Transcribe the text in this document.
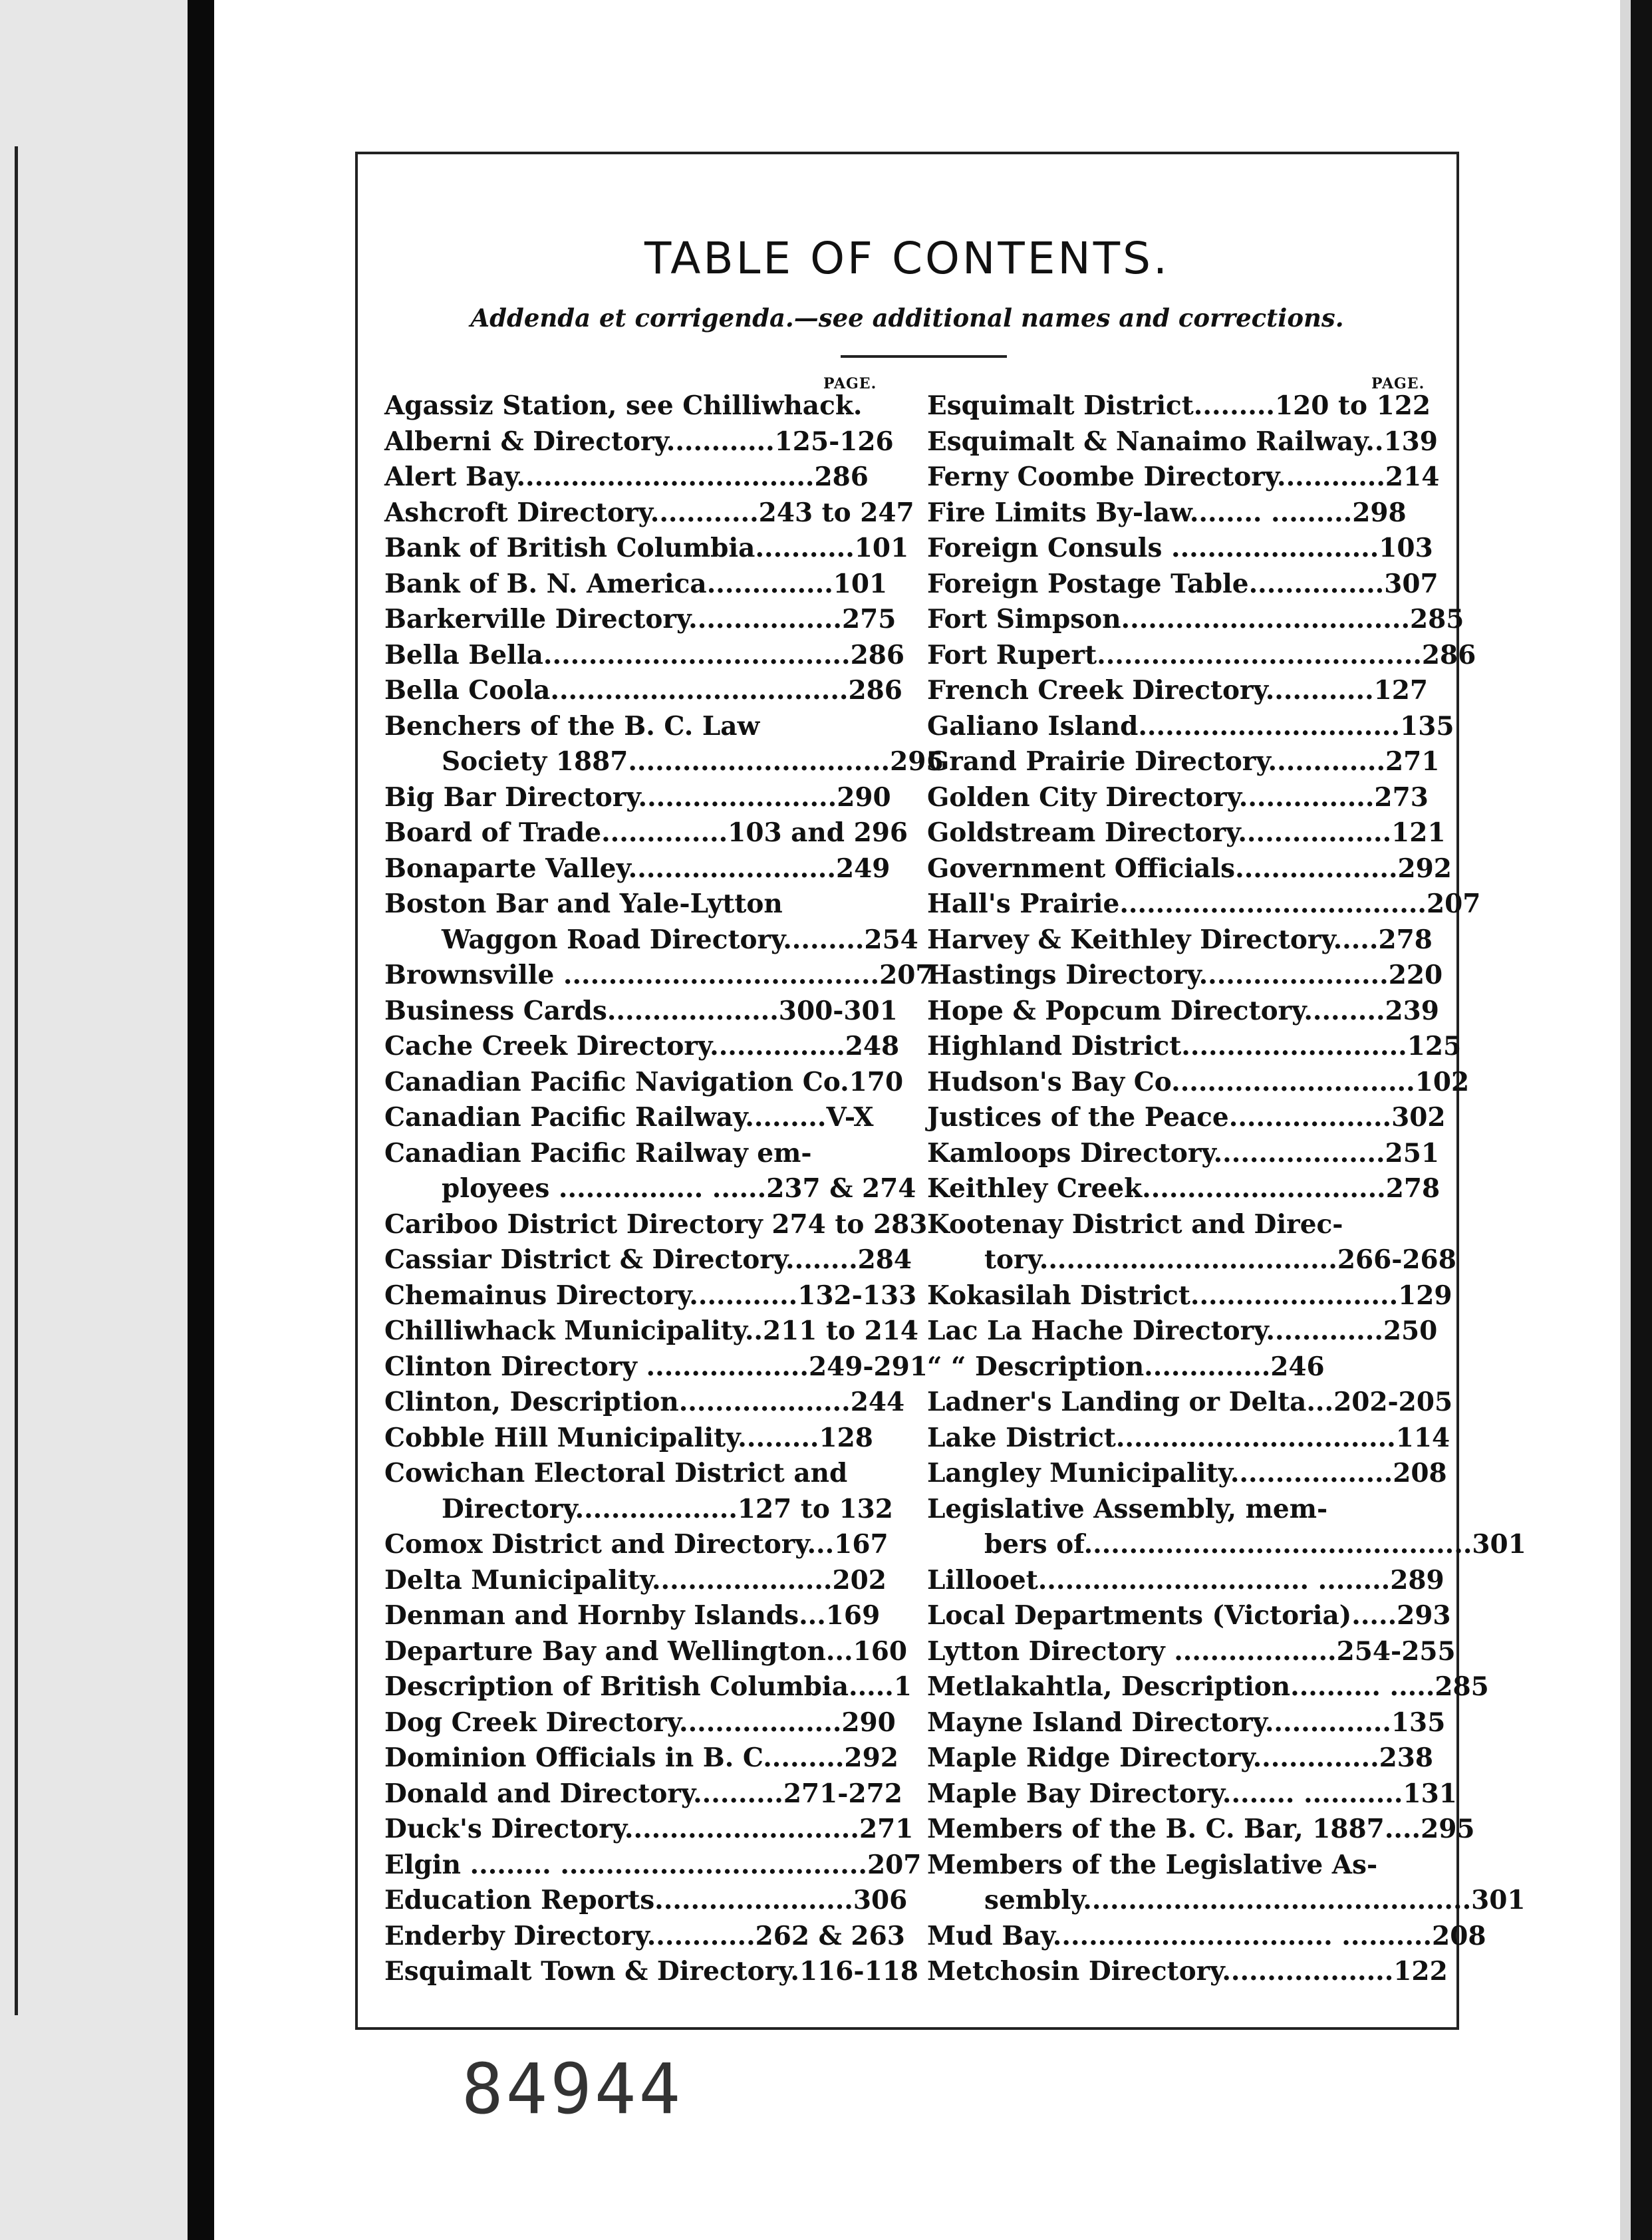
TABLE OF CONTENTS.
Addenda et corrigenda.—see additional names and corrections.
PAGE.	PAGE.
Agassiz Station, see Chilliwhack.
Alberni & Directory............125-126
Alert Bay.................................286
Ashcroft Directory............243 to 247
Bank of British Columbia...........101
Bank of B. N. America..............101
Barkerville Directory.................275
Bella Bella..................................286
Bella Coola.................................286
Benchers of the B. C. Law
Society 1887.............................295
Big Bar Directory......................290
Board of Trade..............103 and 296
Bonaparte Valley.......................249
Boston Bar and Yale-Lytton
Waggon Road Directory.........254
Brownsville ...................................207
Business Cards...................300-301
Cache Creek Directory...............248
Canadian Pacific Navigation Co.170
Canadian Pacific Railway.........V-X
Canadian Pacific Railway em-
ployees ................ ......237 & 274
Cariboo District Directory 274 to 283
Cassiar District & Directory........284
Chemainus Directory............132-133
Chilliwhack Municipality..211 to 214
Clinton Directory ..................249-291
Clinton, Description...................244
Cobble Hill Municipality.........128
Cowichan Electoral District and
Directory..................127 to 132
Comox District and Directory...167
Delta Municipality....................202
Denman and Hornby Islands...169
Departure Bay and Wellington...160
Description of British Columbia.....1
Dog Creek Directory..................290
Dominion Officials in B. C.........292
Donald and Directory..........271-272
Duck's Directory..........................271
Elgin ......... ..................................207
Education Reports......................306
Enderby Directory............262 & 263
Esquimalt Town & Directory.116-118
Esquimalt District.........120 to 122
Esquimalt & Nanaimo Railway..139
Ferny Coombe Directory............214
Fire Limits By-law........ .........298
Foreign Consuls .......................103
Foreign Postage Table...............307
Fort Simpson................................285
Fort Rupert....................................286
French Creek Directory............127
Galiano Island.............................135
Grand Prairie Directory.............271
Golden City Directory...............273
Goldstream Directory.................121
Government Officials..................292
Hall's Prairie..................................207
Harvey & Keithley Directory.....278
Hastings Directory.....................220
Hope & Popcum Directory.........239
Highland District.........................125
Hudson's Bay Co...........................102
Justices of the Peace..................302
Kamloops Directory...................251
Keithley Creek...........................278
Kootenay District and Direc-
tory.................................266-268
Kokasilah District.......................129
Lac La Hache Directory.............250
“ “ Description..............246
Ladner's Landing or Delta...202-205
Lake District...............................114
Langley Municipality..................208
Legislative Assembly, mem-
bers of...........................................301
Lillooet.............................. ........289
Local Departments (Victoria).....293
Lytton Directory ..................254-255
Metlakahtla, Description.......... .....285
Mayne Island Directory..............135
Maple Ridge Directory..............238
Maple Bay Directory........ ...........131
Members of the B. C. Bar, 1887....295
Members of the Legislative As-
sembly...........................................301
Mud Bay............................... ..........208
Metchosin Directory...................122
84944
